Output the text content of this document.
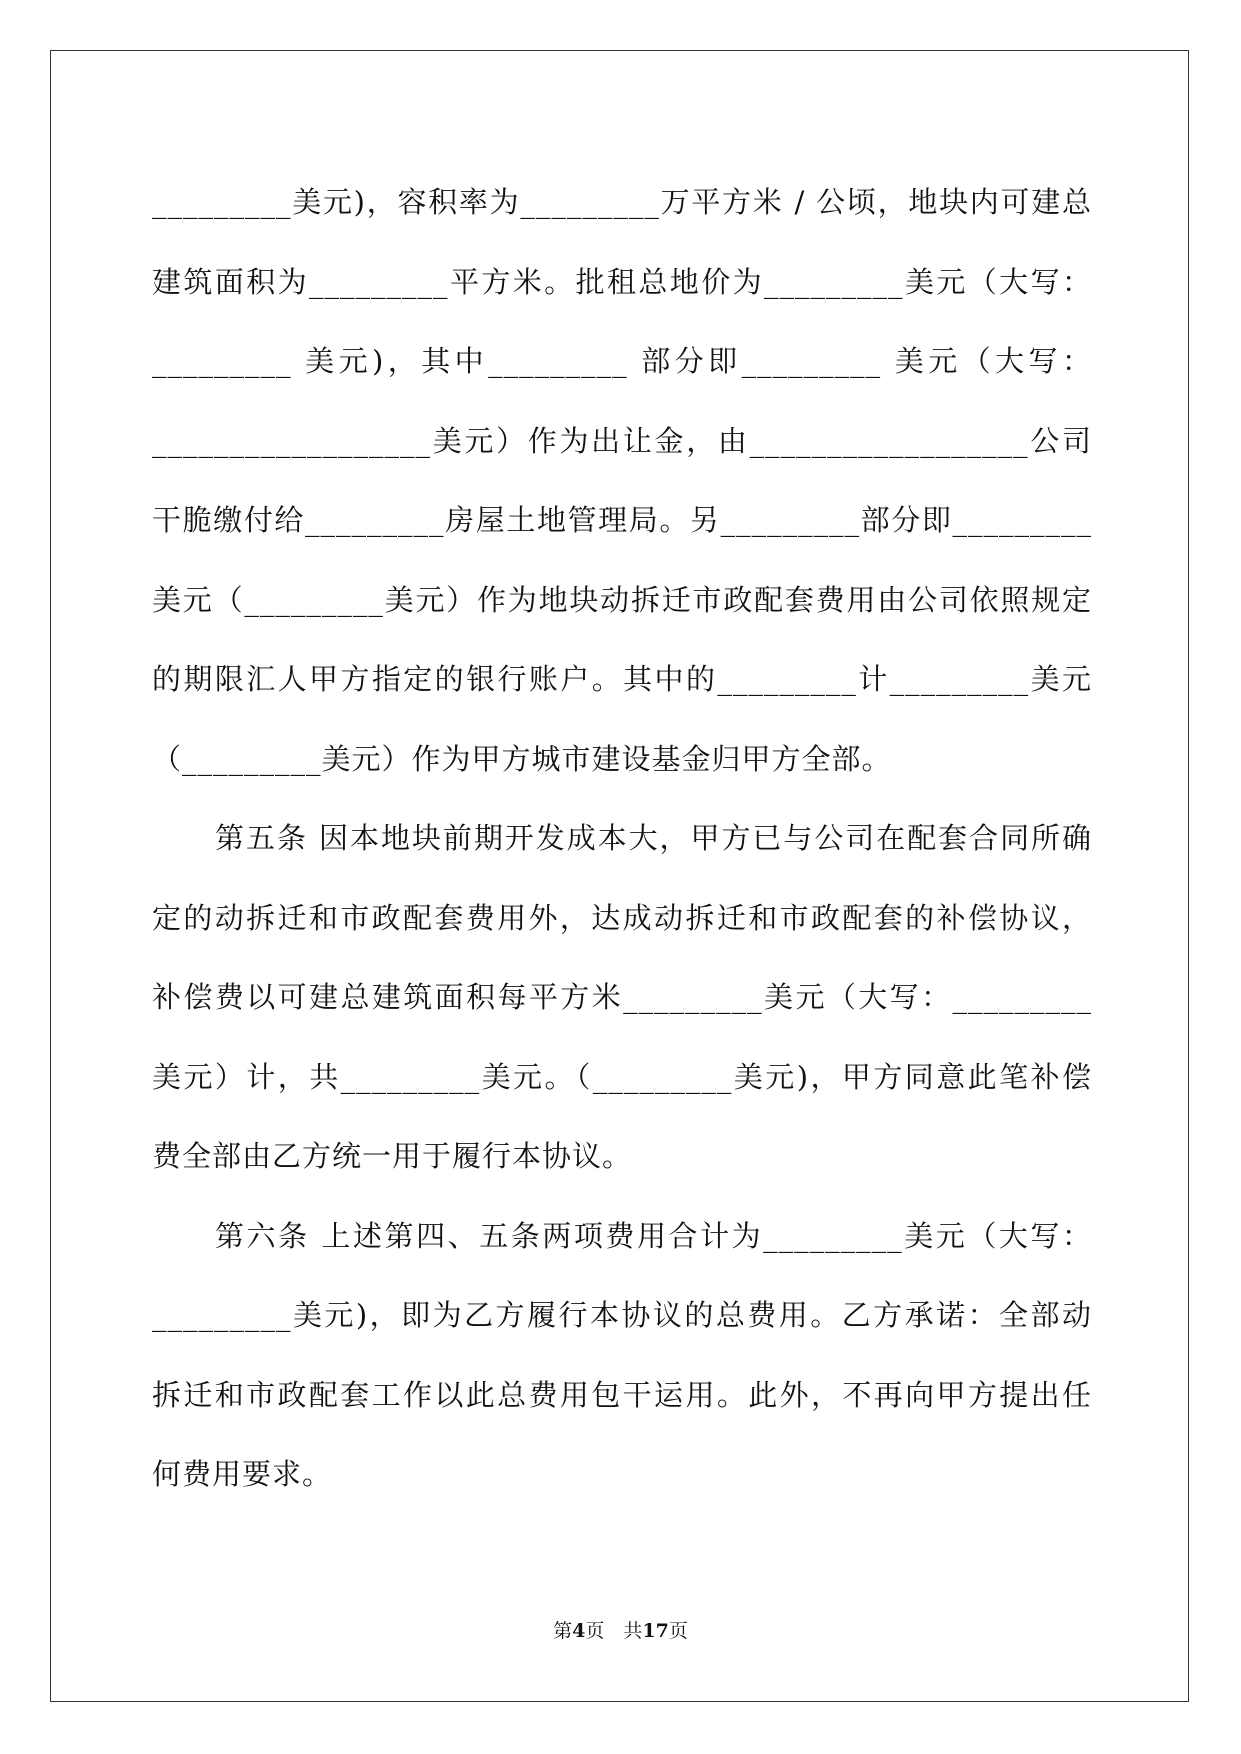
_________美元)，容积率为_________万平方米 / 公顷，地块内可建总

建筑面积为_________平方米。批租总地价为_________美元（大写：

_________ 美元)，其中_________ 部分即_________ 美元（大写：

__________________美元）作为出让金，由__________________公司

干脆缴付给_________房屋土地管理局。另_________部分即_________

美元（_________美元）作为地块动拆迁市政配套费用由公司依照规定

的期限汇人甲方指定的银行账户。其中的_________计_________美元

（_________美元）作为甲方城市建设基金归甲方全部。

第五条 因本地块前期开发成本大，甲方已与公司在配套合同所确

定的动拆迁和市政配套费用外，达成动拆迁和市政配套的补偿协议，

补偿费以可建总建筑面积每平方米_________美元（大写：_________

美元）计，共_________美元。（_________美元)，甲方同意此笔补偿

费全部由乙方统一用于履行本协议。

第六条 上述第四、五条两项费用合计为_________美元（大写：

_________美元)，即为乙方履行本协议的总费用。乙方承诺：全部动

拆迁和市政配套工作以此总费用包干运用。此外，不再向甲方提出任

何费用要求。

第4页　共17页
